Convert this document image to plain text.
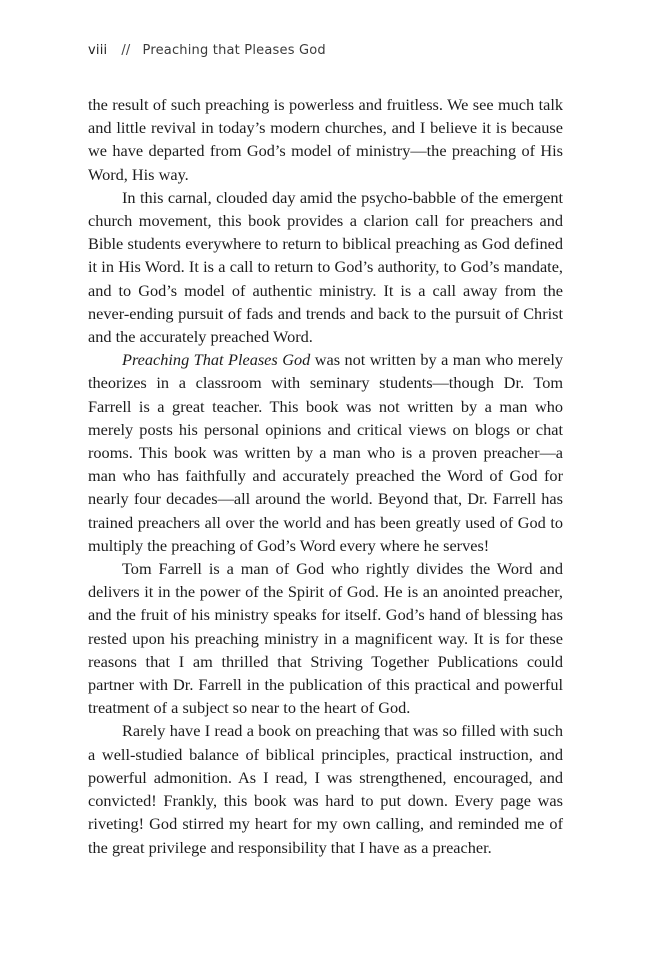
viii // Preaching that Pleases God

the result of such preaching is powerless and fruitless. We see much talk and little revival in today’s modern churches, and I believe it is because we have departed from God’s model of ministry—the preaching of His Word, His way.

In this carnal, clouded day amid the psycho-babble of the emergent church movement, this book provides a clarion call for preachers and Bible students everywhere to return to biblical preaching as God defined it in His Word. It is a call to return to God’s authority, to God’s mandate, and to God’s model of authentic ministry. It is a call away from the never-ending pursuit of fads and trends and back to the pursuit of Christ and the accurately preached Word.

Preaching That Pleases God was not written by a man who merely theorizes in a classroom with seminary students—though Dr. Tom Farrell is a great teacher. This book was not written by a man who merely posts his personal opinions and critical views on blogs or chat rooms. This book was written by a man who is a proven preacher—a man who has faithfully and accurately preached the Word of God for nearly four decades—all around the world. Beyond that, Dr. Farrell has trained preachers all over the world and has been greatly used of God to multiply the preaching of God’s Word every where he serves!

Tom Farrell is a man of God who rightly divides the Word and delivers it in the power of the Spirit of God. He is an anointed preacher, and the fruit of his ministry speaks for itself. God’s hand of blessing has rested upon his preaching ministry in a magnificent way. It is for these reasons that I am thrilled that Striving Together Publications could partner with Dr. Farrell in the publication of this practical and powerful treatment of a subject so near to the heart of God.

Rarely have I read a book on preaching that was so filled with such a well-studied balance of biblical principles, practical instruction, and powerful admonition. As I read, I was strengthened, encouraged, and convicted! Frankly, this book was hard to put down. Every page was riveting! God stirred my heart for my own calling, and reminded me of the great privilege and responsibility that I have as a preacher.
